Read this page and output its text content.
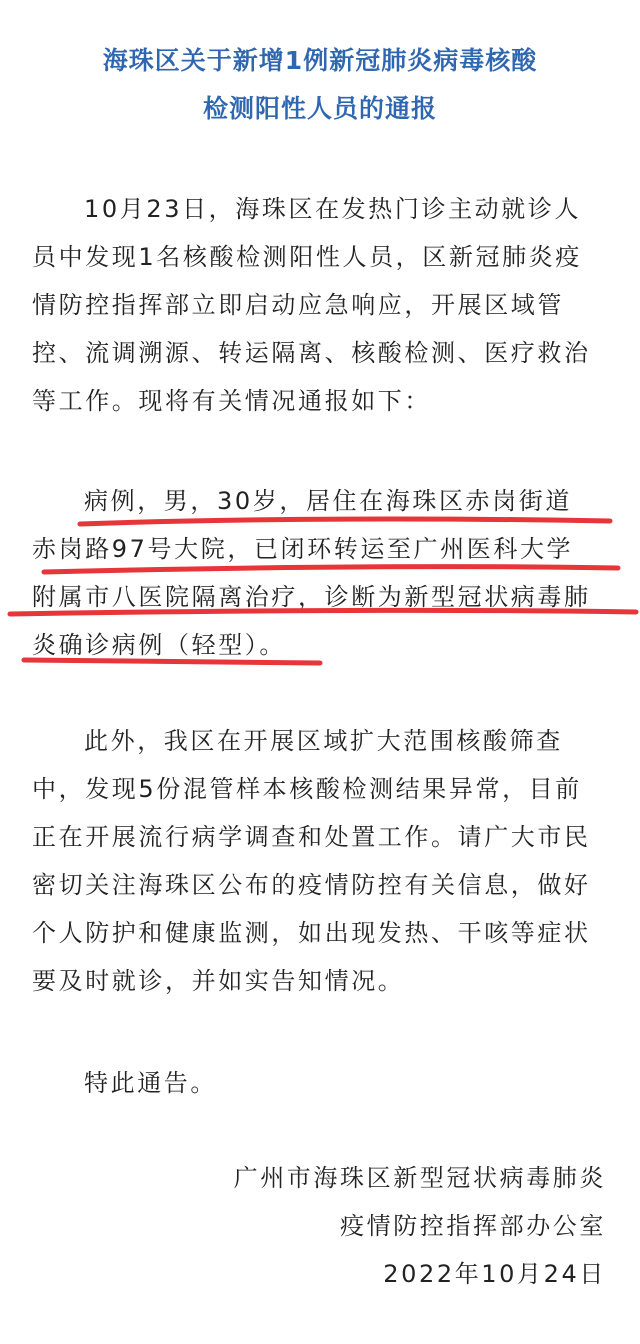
海珠区关于新增1例新冠肺炎病毒核酸
检测阳性人员的通报
10月23日，海珠区在发热门诊主动就诊人
员中发现1名核酸检测阳性人员，区新冠肺炎疫
情防控指挥部立即启动应急响应，开展区域管
控、流调溯源、转运隔离、核酸检测、医疗救治
等工作。现将有关情况通报如下：
病例，男，30岁，居住在海珠区赤岗街道
赤岗路97号大院，已闭环转运至广州医科大学
附属市八医院隔离治疗，诊断为新型冠状病毒肺
炎确诊病例（轻型）。
此外，我区在开展区域扩大范围核酸筛查
中，发现5份混管样本核酸检测结果异常，目前
正在开展流行病学调查和处置工作。请广大市民
密切关注海珠区公布的疫情防控有关信息，做好
个人防护和健康监测，如出现发热、干咳等症状
要及时就诊，并如实告知情况。
特此通告。
广州市海珠区新型冠状病毒肺炎
疫情防控指挥部办公室
2022年10月24日
